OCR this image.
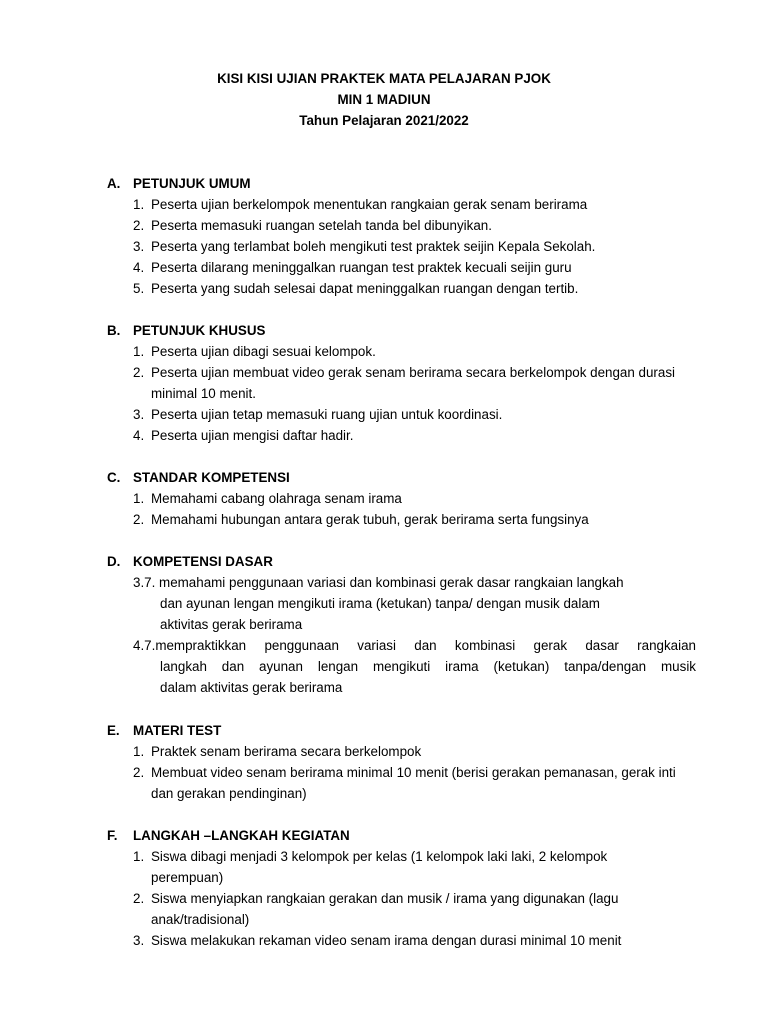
KISI KISI UJIAN PRAKTEK MATA PELAJARAN PJOK
MIN 1 MADIUN
Tahun Pelajaran 2021/2022
A. PETUNJUK UMUM
1. Peserta ujian berkelompok menentukan rangkaian gerak senam berirama
2. Peserta memasuki ruangan setelah tanda bel dibunyikan.
3. Peserta yang terlambat boleh mengikuti test praktek seijin Kepala Sekolah.
4. Peserta dilarang meninggalkan ruangan test praktek kecuali seijin guru
5. Peserta yang sudah selesai dapat meninggalkan ruangan dengan tertib.
B. PETUNJUK KHUSUS
1. Peserta ujian dibagi sesuai kelompok.
2. Peserta ujian membuat video gerak senam berirama secara berkelompok dengan durasi minimal 10 menit.
3. Peserta ujian tetap memasuki ruang ujian untuk koordinasi.
4. Peserta ujian mengisi daftar hadir.
C. STANDAR KOMPETENSI
1. Memahami cabang olahraga senam irama
2. Memahami hubungan antara gerak tubuh, gerak berirama serta fungsinya
D. KOMPETENSI DASAR
3.7. memahami penggunaan variasi dan kombinasi gerak dasar rangkaian langkah
dan ayunan lengan mengikuti irama (ketukan) tanpa/ dengan musik dalam
aktivitas gerak berirama
4.7.mempraktikkan penggunaan variasi dan kombinasi gerak dasar rangkaian
langkah dan ayunan lengan mengikuti irama (ketukan) tanpa/dengan musik
dalam aktivitas gerak berirama
E. MATERI TEST
1. Praktek senam berirama secara berkelompok
2. Membuat video senam berirama minimal 10 menit (berisi gerakan pemanasan, gerak inti dan gerakan pendinginan)
F. LANGKAH –LANGKAH KEGIATAN
1. Siswa dibagi menjadi 3 kelompok per kelas (1 kelompok laki laki, 2 kelompok perempuan)
2. Siswa menyiapkan rangkaian gerakan dan musik / irama yang digunakan (lagu anak/tradisional)
3. Siswa melakukan rekaman video senam irama dengan durasi minimal 10 menit
